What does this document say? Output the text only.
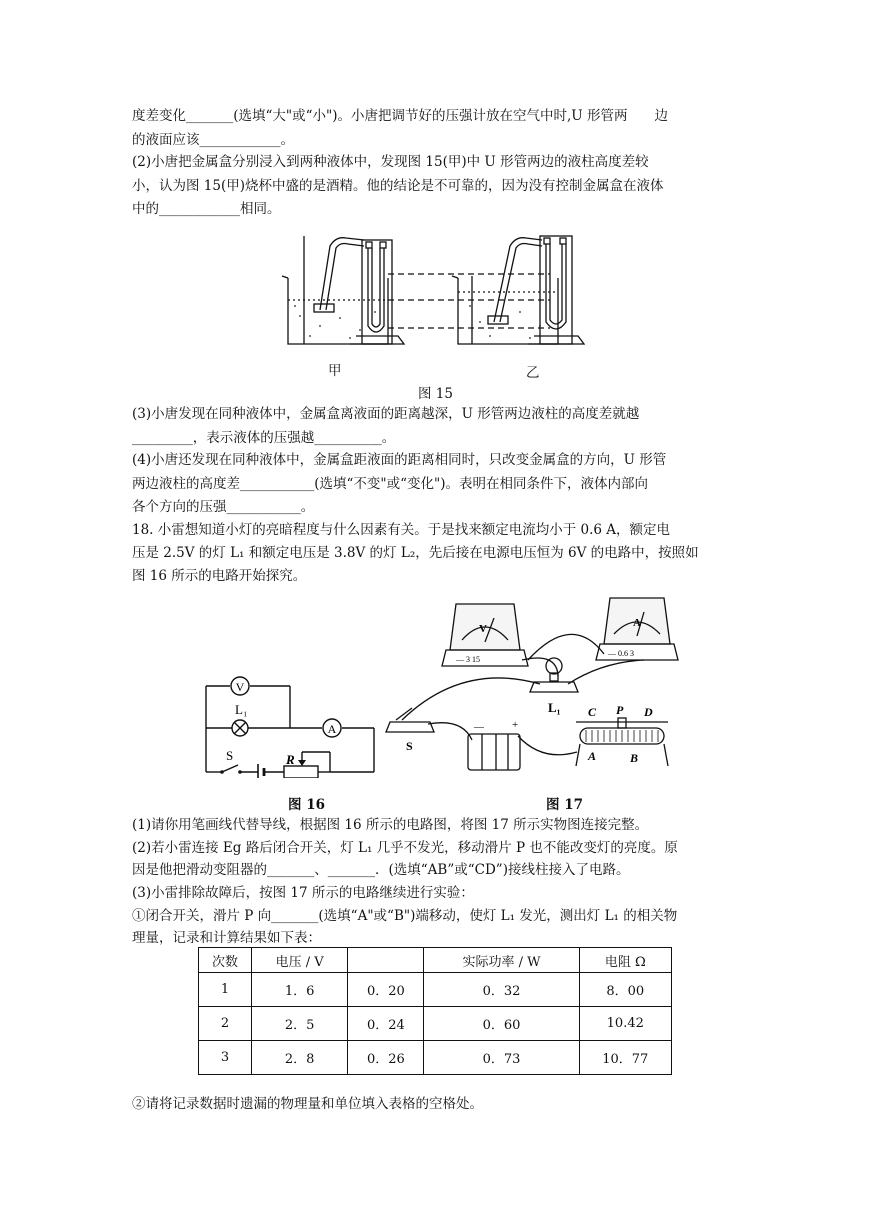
度差变化_______(选填“大"或“小")。小唐把调节好的压强计放在空气中时,U 形管两　　边
的液面应该____________。
(2)小唐把金属盒分别浸入到两种液体中，发现图 15(甲)中 U 形管两边的液柱高度差较
小，认为图 15(甲)烧杯中盛的是酒精。他的结论是不可靠的，因为没有控制金属盒在液体
中的____________相同。
甲	乙
图 15
(3)小唐发现在同种液体中，金属盒离液面的距离越深，U 形管两边液柱的高度差就越
_________，表示液体的压强越__________。
(4)小唐还发现在同种液体中，金属盒距液面的距离相同时，只改变金属盒的方向，U 形管
两边液柱的高度差___________(选填“不变"或“变化")。表明在相同条件下，液体内部向
各个方向的压强___________。
18. 小雷想知道小灯的亮暗程度与什么因素有关。于是找来额定电流均小于 0.6 A，额定电
压是 2.5V 的灯 L₁ 和额定电压是 3.8V 的灯 L₂，先后接在电源电压恒为 6V 的电路中，按照如
图 16 所示的电路开始探究。
V
A
L₁
S	R
图 16
V	A
— 3 15
— 0.6 3
L₁
S
C P D
A	B
—	+
图 17
(1)请你用笔画线代替导线，根据图 16 所示的电路图，将图 17 所示实物图连接完整。
(2)若小雷连接 Eg 路后闭合开关，灯 L₁ 几乎不发光，移动滑片 P 也不能改变灯的亮度。原
因是他把滑动变阻器的_______、_______．(选填“AB”或“CD”)接线柱接入了电路。
(3)小雷排除故障后，按图 17 所示的电路继续进行实验：
①闭合开关，滑片 P 向_______(选填“A"或“B")端移动，使灯 L₁ 发光，测出灯 L₁ 的相关物
理量，记录和计算结果如下表：
次数	电压 / V		实际功率 / W	电阻 Ω
1	1．6	0．20	0．32	8．00
2	2．5	0．24	0．60	10.42
3	2．8	0．26	0．73	10．77
②请将记录数据时遗漏的物理量和单位填入表格的空格处。
